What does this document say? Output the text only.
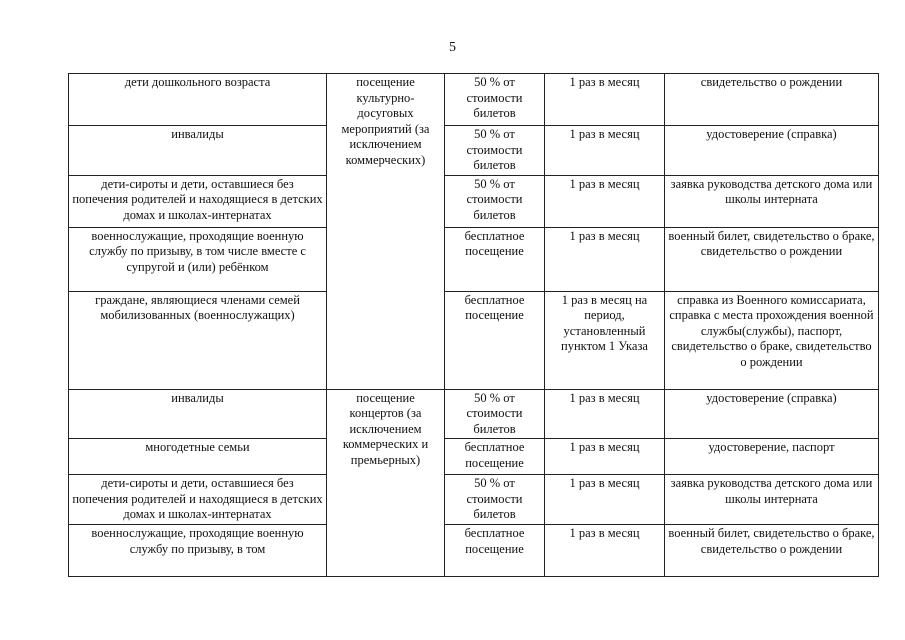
5
дети дошкольного возраста	посещение культурно-досуговых мероприятий (за исключением коммерческих)	50 % от стоимости билетов	1 раз в месяц	свидетельство о рождении
инвалиды		50 % от стоимости билетов	1 раз в месяц	удостоверение (справка)
дети-сироты и дети, оставшиеся без попечения родителей и находящиеся в детских домах и школах-интернатах		50 % от стоимости билетов	1 раз в месяц	заявка руководства детского дома или школы интерната
военнослужащие, проходящие военную службу по призыву, в том числе вместе с супругой и (или) ребёнком		бесплатное посещение	1 раз в месяц	военный билет, свидетельство о браке, свидетельство о рождении
граждане, являющиеся членами семей мобилизованных (военнослужащих)		бесплатное посещение	1 раз в месяц на период, установленный пунктом 1 Указа	справка из Военного комиссариата, справка с места прохождения военной службы(службы), паспорт, свидетельство о браке, свидетельство о рождении
инвалиды	посещение концертов (за исключением коммерческих и премьерных)	50 % от стоимости билетов	1 раз в месяц	удостоверение (справка)
многодетные семьи		бесплатное посещение	1 раз в месяц	удостоверение, паспорт
дети-сироты и дети, оставшиеся без попечения родителей и находящиеся в детских домах и школах-интернатах		50 % от стоимости билетов	1 раз в месяц	заявка руководства детского дома или школы интерната
военнослужащие, проходящие военную службу по призыву, в том		бесплатное посещение	1 раз в месяц	военный билет, свидетельство о браке, свидетельство о рождении
